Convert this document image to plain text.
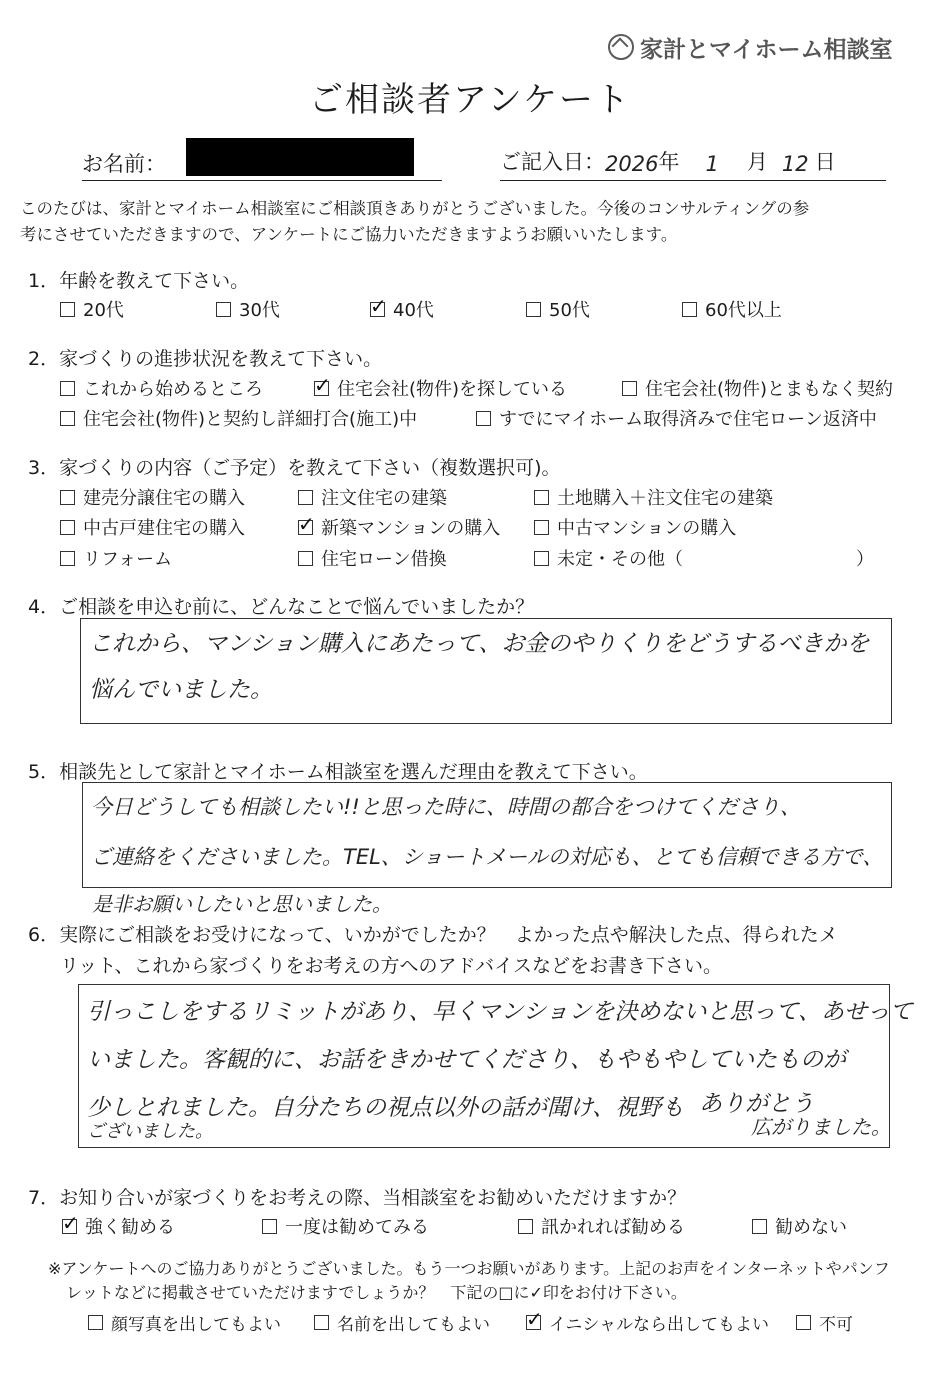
家計とマイホーム相談室
ご相談者アンケート
お名前：	ご記入日： 2026 年 1 月 12 日
このたびは、家計とマイホーム相談室にご相談頂きありがとうございました。今後のコンサルティングの参
考にさせていただきますので、アンケートにご協力いただきますようお願いいたします。
1．年齢を教えて下さい。
20代	30代 ✓	40代	50代	60代以上
2．家づくりの進捗状況を教えて下さい。
これから始めるところ ✓	住宅会社(物件)を探している	住宅会社(物件)とまもなく契約
住宅会社(物件)と契約し詳細打合(施工)中	すでにマイホーム取得済みで住宅ローン返済中
3．家づくりの内容（ご予定）を教えて下さい（複数選択可)。
建売分譲住宅の購入	注文住宅の建築	土地購入＋注文住宅の建築
中古戸建住宅の購入 ✓	新築マンションの購入	中古マンションの購入
リフォーム	住宅ローン借換	未定・その他（	）
4．ご相談を申込む前に、どんなことで悩んでいましたか？
これから、マンション購入にあたって、お金のやりくりをどうするべきかを
悩んでいました。
5．相談先として家計とマイホーム相談室を選んだ理由を教えて下さい。
今日どうしても相談したい!!と思った時に、時間の都合をつけてくださり、
ご連絡をくださいました。TEL、ショートメールの対応も、とても信頼できる方で、
是非お願いしたいと思いました。
6．実際にご相談をお受けになって、いかがでしたか？　よかった点や解決した点、得られたメ
リット、これから家づくりをお考えの方へのアドバイスなどをお書き下さい。
引っこしをするリミットがあり、早くマンションを決めないと思って、あせって
いました。客観的に、お話をきかせてくださり、もやもやしていたものが
少しとれました。自分たちの視点以外の話が聞け、視野も
ございました。
ありがとう
広がりました。
7．お知り合いが家づくりをお考えの際、当相談室をお勧めいただけますか？
✓
強く勧める	一度は勧めてみる	訊かれれば勧める	勧めない
※アンケートへのご協力ありがとうございました。もう一つお願いがあります。上記のお声をインターネットやパンフ
レットなどに掲載させていただけますでしょうか？　下記の□に✓印をお付け下さい。
顔写真を出してもよい	名前を出してもよい ✓	イニシャルなら出してもよい	不可
